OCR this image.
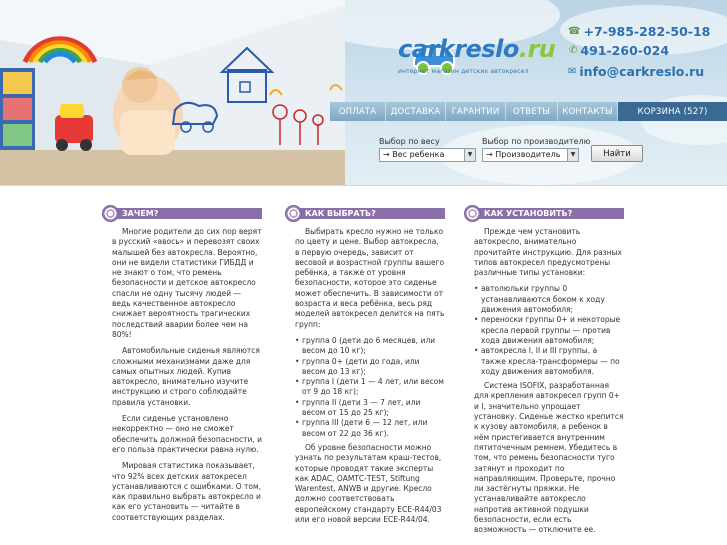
carkreslo.ru
интернет магазин детских автокресел
☎ +7-985-282-50-18
✆ 491-260-024
✉ info@carkreslo.ru
ОПЛАТА	ДОСТАВКА	ГАРАНТИИ	ОТВЕТЫ	КОНТАКТЫ	КОРЗИНА (527)
Выбор по весу
→ Вес ребенка	▼
Выбор по производителю
→ Производитель	▼	Найти
ЗАЧЕМ?

Многие родители до сих пор верят в русский «авось» и перевозят своих малышей без автокресла. Вероятно, они не видели статистики ГИБДД и не знают о том, что ремень безопасности и детское автокресло спасли не одну тысячу людей — ведь качественное автокресло снижает вероятность трагических последствий аварии более чем на 80%!

Автомобильные сиденья являются сложными механизмами даже для самых опытных людей. Купив автокресло, внимательно изучите инструкцию и строго соблюдайте правила установки.

Если сиденье установлено некорректно — оно не сможет обеспечить должной безопасности, и его польза практически равна нулю.

Мировая статистика показывает, что 92% всех детских автокресел устанавливаются с ошибками. О том, как правильно выбрать автокресло и как его установить — читайте в соответствующих разделах.

КАК ВЫБРАТЬ?

Выбирать кресло нужно не только по цвету и цене. Выбор автокресла, в первую очередь, зависит от весовой и возрастной группы вашего ребёнка, а также от уровня безопасности, которое это сиденье может обеспечить. В зависимости от возраста и веса ребёнка, весь ряд моделей автокресел делится на пять групп:

• группа 0 (дети до 6 месяцев, или весом до 10 кг);
• группа 0+ (дети до года, или весом до 13 кг);
• группа I (дети 1 — 4 лет, или весом от 9 до 18 кг);
• группа II (дети 3 — 7 лет, или весом от 15 до 25 кг);
• группа III (дети 6 — 12 лет, или весом от 22 до 36 кг).

Об уровне безопасности можно узнать по результатам краш-тестов, которые проводят такие эксперты как ADAC, ОАМТС-TEST, Stiftung Warentest, ANWB и другие. Кресло должно соответствовать европейскому стандарту ECE-R44/03 или его новой версии ECE-R44/04.

КАК УСТАНОВИТЬ?

Прежде чем установить автокресло, внимательно прочитайте инструкцию. Для разных типов автокресел предусмотрены различные типы установки:

• автолюльки группы 0 устанавливаются боком к ходу движения автомобиля;
• переноски группы 0+ и некоторые кресла первой группы — против хода движения автомобиля;
• автокресла I, II и III группы, а также кресла-трансформеры — по ходу движения автомобиля.

Система ISOFIX, разработанная для крепления автокресел групп 0+ и I, значительно упрощает установку. Сиденье жестко крепится к кузову автомобиля, а ребенок в нём пристегивается внутренним пятиточечным ремнем. Убедитесь в том, что ремень безопасности туго затянут и проходит по направляющим. Проверьте, прочно ли застёгнуты пряжки. Не устанавливайте автокресло напротив активной подушки безопасности, если есть возможность — отключите ее.
